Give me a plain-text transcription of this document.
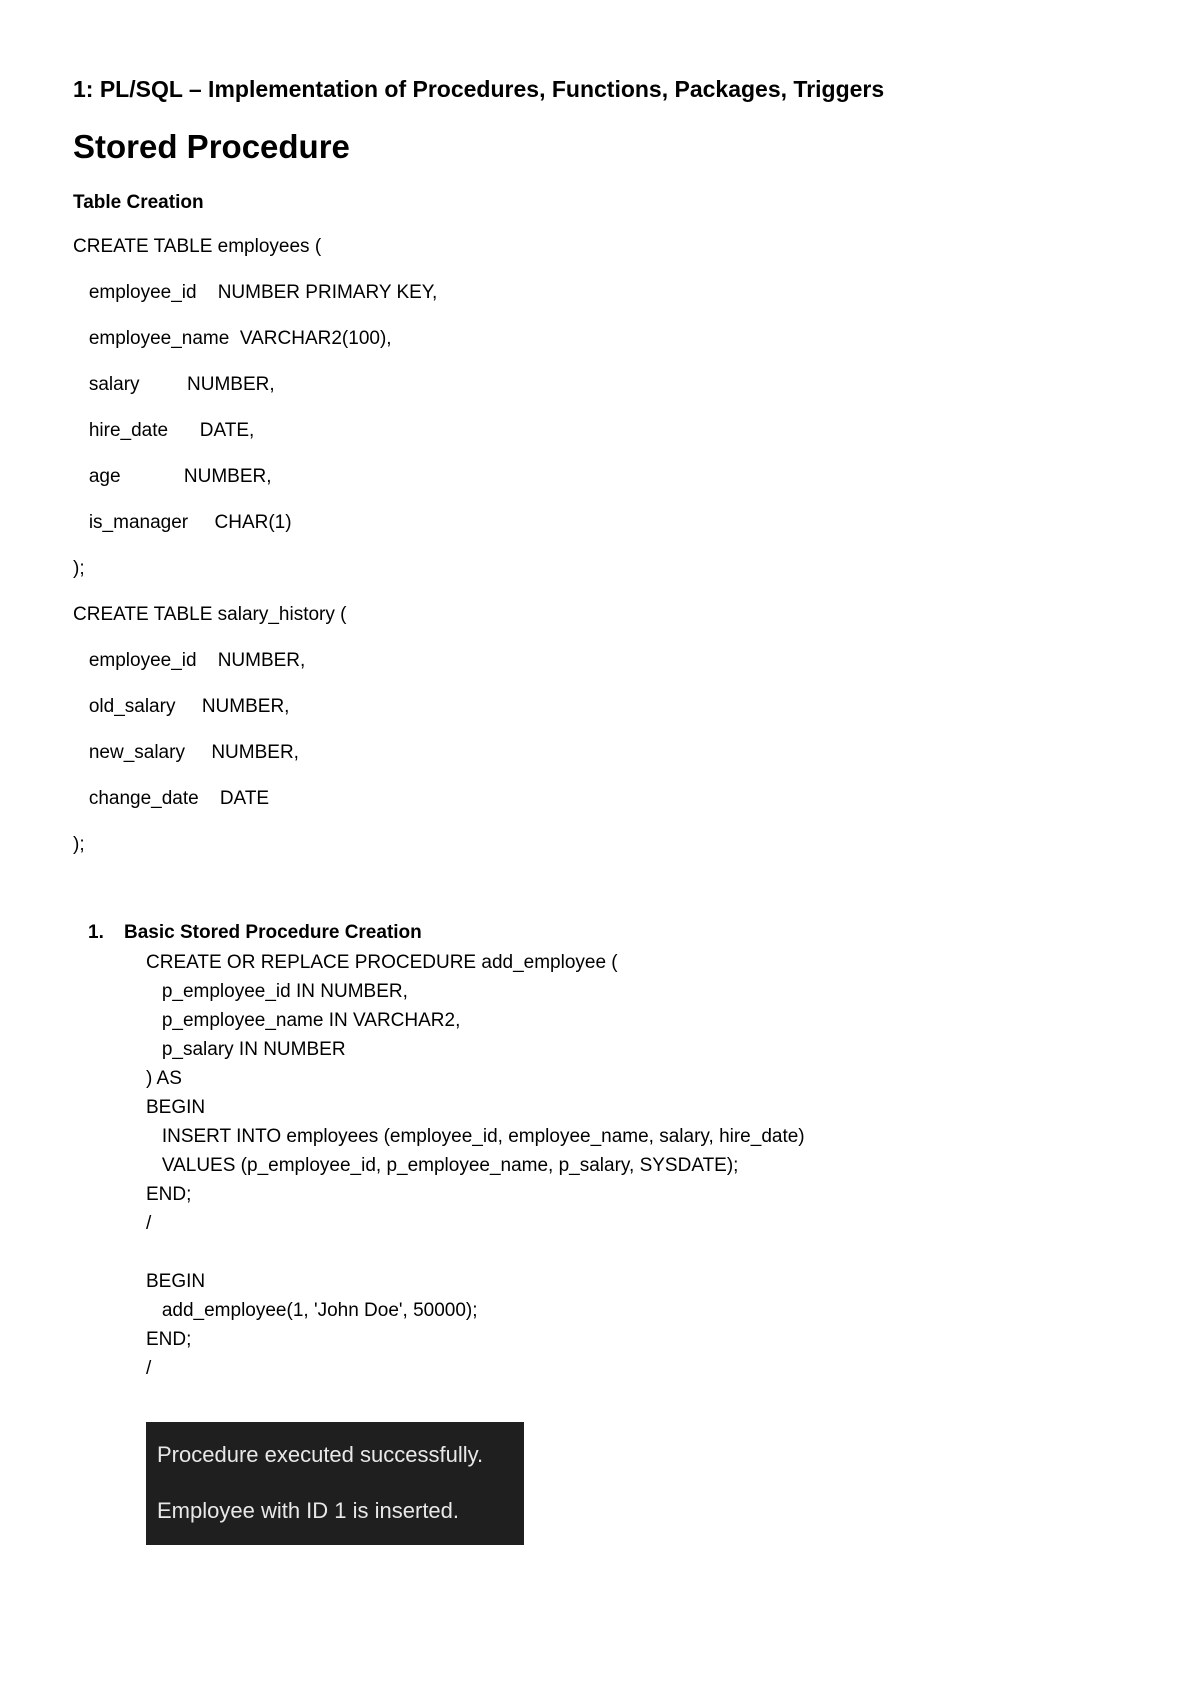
1: PL/SQL – Implementation of Procedures, Functions, Packages, Triggers
Stored Procedure
Table Creation
CREATE TABLE employees (
employee_id    NUMBER PRIMARY KEY,
employee_name  VARCHAR2(100),
salary         NUMBER,
hire_date      DATE,
age            NUMBER,
is_manager     CHAR(1)
);
CREATE TABLE salary_history (
employee_id    NUMBER,
old_salary     NUMBER,
new_salary     NUMBER,
change_date    DATE
);
1. Basic Stored Procedure Creation
CREATE OR REPLACE PROCEDURE add_employee (
p_employee_id IN NUMBER,
p_employee_name IN VARCHAR2,
p_salary IN NUMBER
) AS
BEGIN
INSERT INTO employees (employee_id, employee_name, salary, hire_date)
VALUES (p_employee_id, p_employee_name, p_salary, SYSDATE);
END;
/
BEGIN
add_employee(1, 'John Doe', 50000);
END;
/
Procedure executed successfully.
Employee with ID 1 is inserted.
